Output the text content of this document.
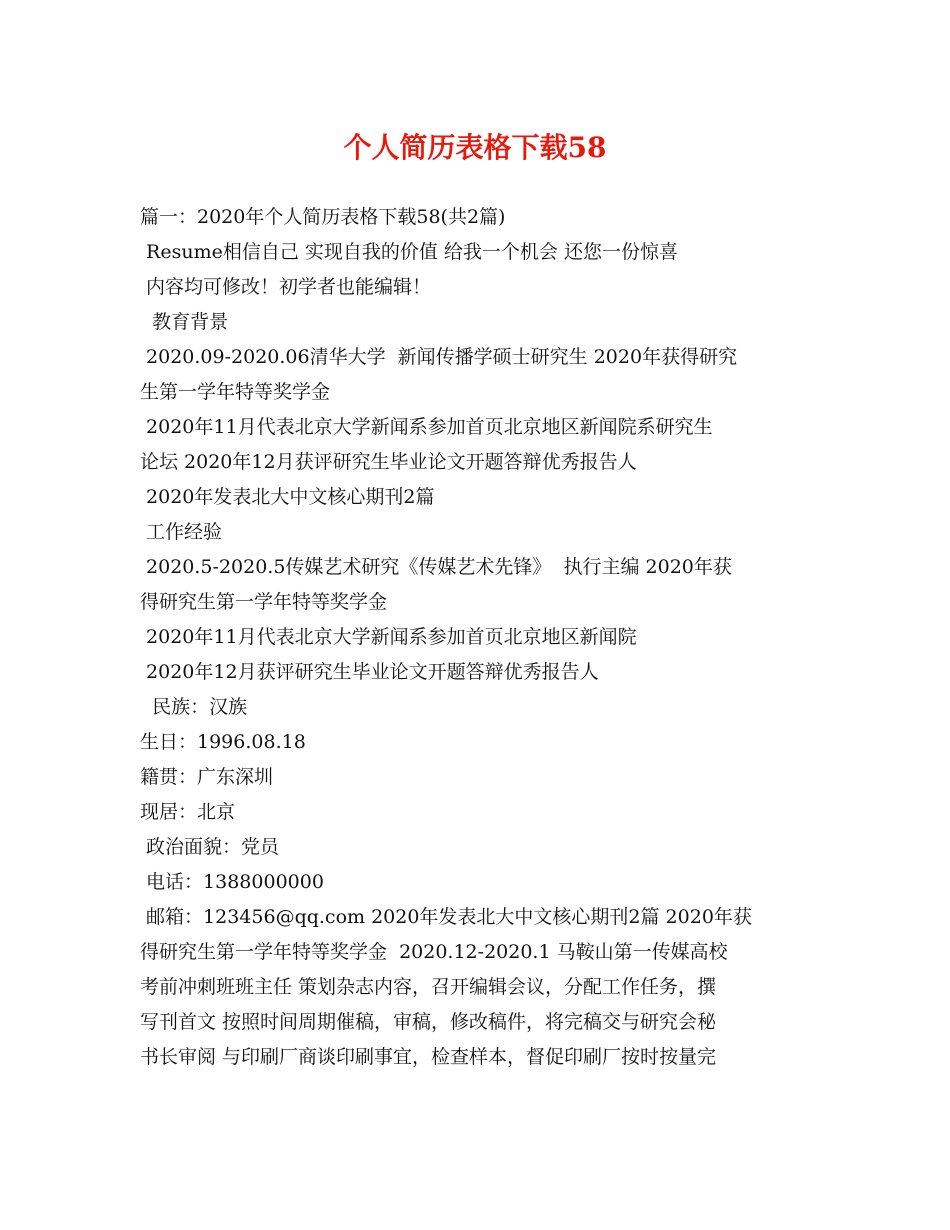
个人简历表格下载58
篇一：2020年个人简历表格下载58(共2篇)
Resume相信自己 实现自我的价值 给我一个机会 还您一份惊喜
内容均可修改！初学者也能编辑！
教育背景
2020.09-2020.06清华大学  新闻传播学硕士研究生 2020年获得研究
生第一学年特等奖学金
2020年11月代表北京大学新闻系参加首页北京地区新闻院系研究生
论坛 2020年12月获评研究生毕业论文开题答辩优秀报告人
2020年发表北大中文核心期刊2篇
工作经验
2020.5-2020.5传媒艺术研究《传媒艺术先锋》  执行主编 2020年获
得研究生第一学年特等奖学金
2020年11月代表北京大学新闻系参加首页北京地区新闻院
2020年12月获评研究生毕业论文开题答辩优秀报告人
民族：汉族
生日：1996.08.18
籍贯：广东深圳
现居：北京
政治面貌：党员
电话：1388000000
邮箱：123456@qq.com 2020年发表北大中文核心期刊2篇 2020年获
得研究生第一学年特等奖学金  2020.12-2020.1 马鞍山第一传媒高校
考前冲刺班班主任 策划杂志内容，召开编辑会议，分配工作任务，撰
写刊首文 按照时间周期催稿，审稿，修改稿件，将完稿交与研究会秘
书长审阅 与印刷厂商谈印刷事宜，检查样本，督促印刷厂按时按量完
